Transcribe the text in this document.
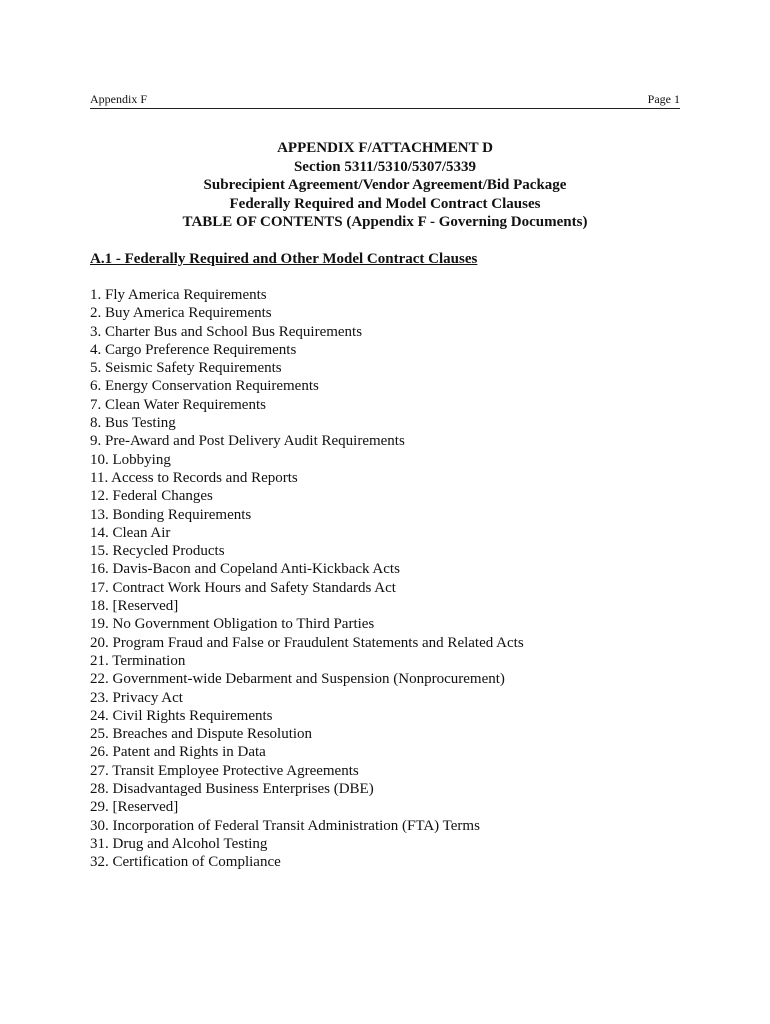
Appendix F	Page 1
APPENDIX F/ATTACHMENT D
Section 5311/5310/5307/5339
Subrecipient Agreement/Vendor Agreement/Bid Package
Federally Required and Model Contract Clauses
TABLE OF CONTENTS (Appendix F - Governing Documents)
A.1 - Federally Required and Other Model Contract Clauses
1. Fly America Requirements
2. Buy America Requirements
3. Charter Bus and School Bus Requirements
4. Cargo Preference Requirements
5. Seismic Safety Requirements
6. Energy Conservation Requirements
7. Clean Water Requirements
8. Bus Testing
9. Pre-Award and Post Delivery Audit Requirements
10. Lobbying
11. Access to Records and Reports
12. Federal Changes
13. Bonding Requirements
14. Clean Air
15. Recycled Products
16. Davis-Bacon and Copeland Anti-Kickback Acts
17. Contract Work Hours and Safety Standards Act
18. [Reserved]
19. No Government Obligation to Third Parties
20. Program Fraud and False or Fraudulent Statements and Related Acts
21. Termination
22. Government-wide Debarment and Suspension (Nonprocurement)
23. Privacy Act
24. Civil Rights Requirements
25. Breaches and Dispute Resolution
26. Patent and Rights in Data
27. Transit Employee Protective Agreements
28. Disadvantaged Business Enterprises (DBE)
29. [Reserved]
30. Incorporation of Federal Transit Administration (FTA) Terms
31. Drug and Alcohol Testing
32. Certification of Compliance
